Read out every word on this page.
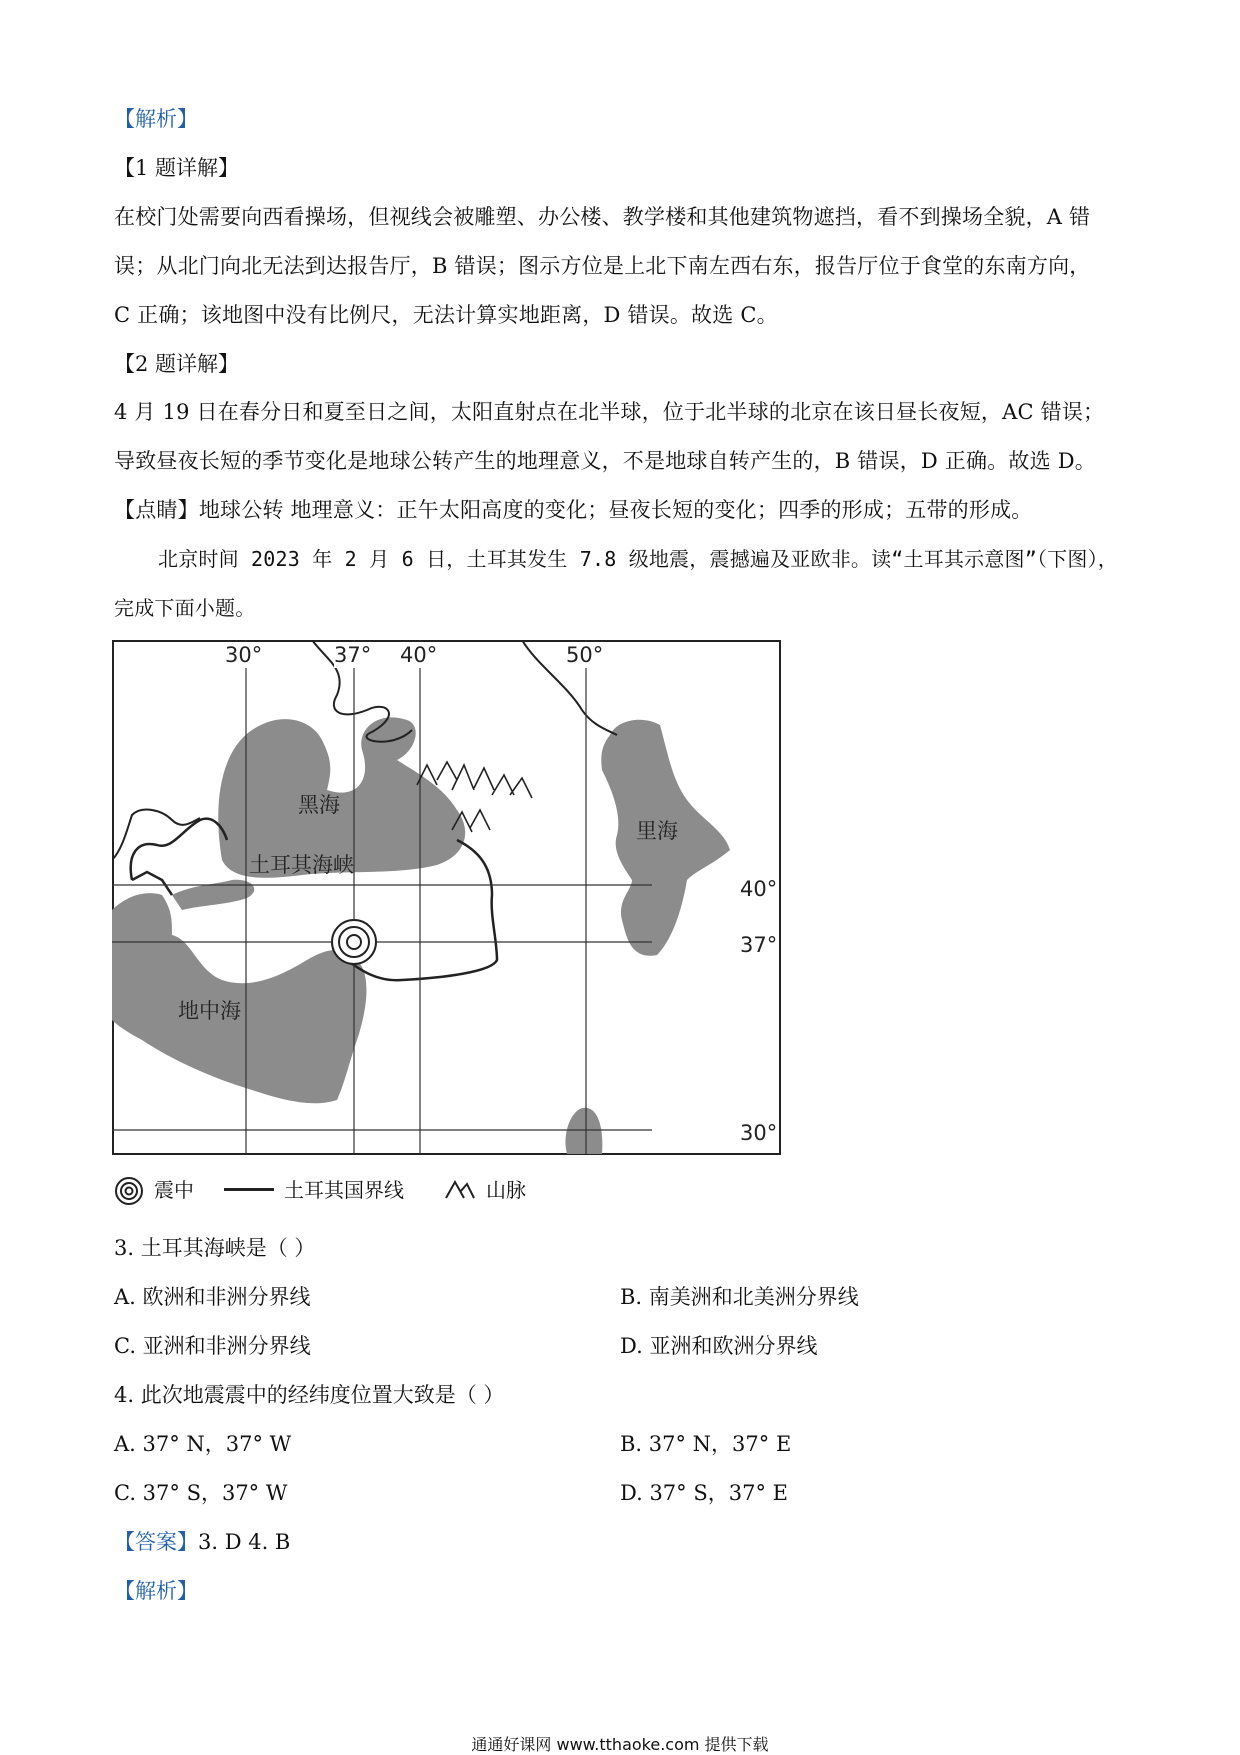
【解析】
【1 题详解】
在校门处需要向西看操场，但视线会被雕塑、办公楼、教学楼和其他建筑物遮挡，看不到操场全貌，A 错
误；从北门向北无法到达报告厅，B 错误；图示方位是上北下南左西右东，报告厅位于食堂的东南方向，
C 正确；该地图中没有比例尺，无法计算实地距离，D 错误。故选 C。
【2 题详解】
4 月 19 日在春分日和夏至日之间，太阳直射点在北半球，位于北半球的北京在该日昼长夜短，AC 错误；
导致昼夜长短的季节变化是地球公转产生的地理意义，不是地球自转产生的，B 错误，D 正确。故选 D。
【点睛】地球公转 地理意义：正午太阳高度的变化；昼夜长短的变化；四季的形成；五带的形成。
北京时间 2023 年 2 月 6 日，土耳其发生 7.8 级地震，震撼遍及亚欧非。读“土耳其示意图”（下图），
完成下面小题。
30°	37° 40°	50°
40°
37°
30°
黑海
里海
土耳其海峡
地中海
震中	土耳其国界线	山脉
3. 土耳其海峡是（ ）
A. 欧洲和非洲分界线	B. 南美洲和北美洲分界线
C. 亚洲和非洲分界线	D. 亚洲和欧洲分界线
4. 此次地震震中的经纬度位置大致是（ ）
A. 37° N，37° W	B. 37° N，37° E
C. 37° S，37° W	D. 37° S，37° E
【答案】3. D 4. B
【解析】
通通好课网 www.tthaoke.com 提供下载
